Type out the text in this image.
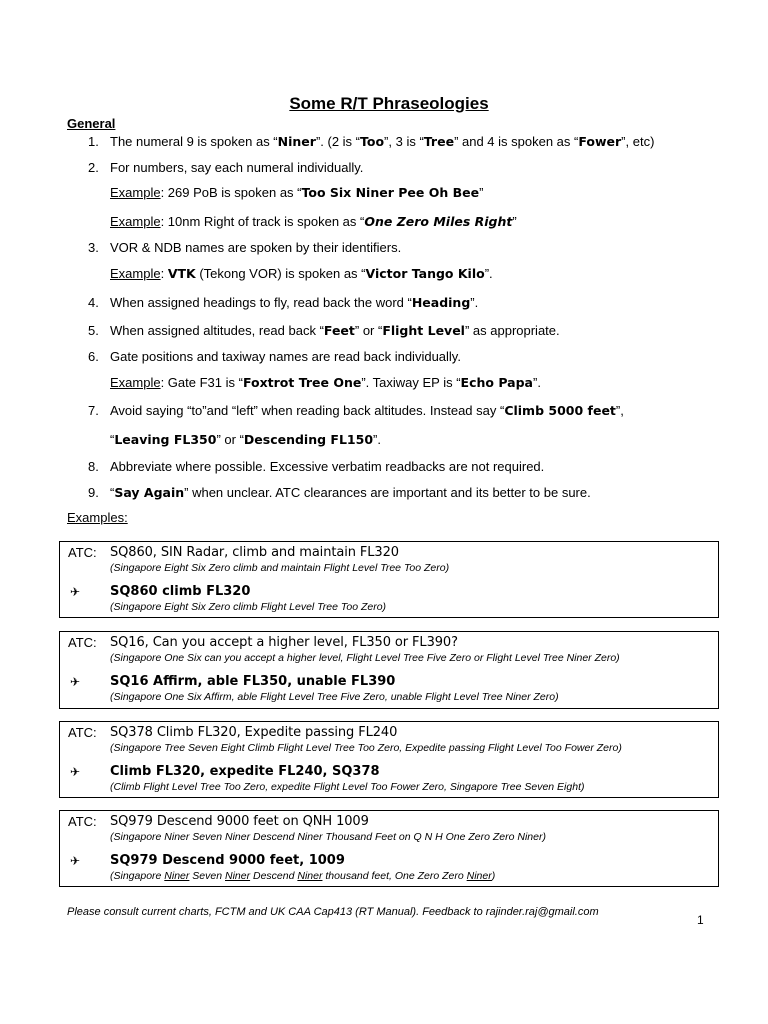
Some R/T Phraseologies
General
1. The numeral 9 is spoken as “Niner”. (2 is “Too”, 3 is “Tree” and 4 is spoken as “Fower”, etc)
2. For numbers, say each numeral individually.
Example: 269 PoB is spoken as “Too Six Niner Pee Oh Bee”
Example: 10nm Right of track is spoken as “One Zero Miles Right”
3. VOR & NDB names are spoken by their identifiers.
Example: VTK (Tekong VOR) is spoken as “Victor Tango Kilo”.
4. When assigned headings to fly, read back the word “Heading”.
5. When assigned altitudes, read back “Feet” or “Flight Level” as appropriate.
6. Gate positions and taxiway names are read back individually.
Example: Gate F31 is “Foxtrot Tree One”. Taxiway EP is “Echo Papa”.
7. Avoid saying “to”and “left” when reading back altitudes. Instead say “Climb 5000 feet”,
“Leaving FL350” or “Descending FL150”.
8. Abbreviate where possible. Excessive verbatim readbacks are not required.
9. “Say Again” when unclear. ATC clearances are important and its better to be sure.
Examples:
ATC: SQ860, SIN Radar, climb and maintain FL320
(Singapore Eight Six Zero climb and maintain Flight Level Tree Too Zero)
✈ SQ860 climb FL320
(Singapore Eight Six Zero climb Flight Level Tree Too Zero)
ATC: SQ16, Can you accept a higher level, FL350 or FL390?
(Singapore One Six can you accept a higher level, Flight Level Tree Five Zero or Flight Level Tree Niner Zero)
✈ SQ16 Affirm, able FL350, unable FL390
(Singapore One Six Affirm, able Flight Level Tree Five Zero, unable Flight Level Tree Niner Zero)
ATC: SQ378 Climb FL320, Expedite passing FL240
(Singapore Tree Seven Eight Climb Flight Level Tree Too Zero, Expedite passing Flight Level Too Fower Zero)
✈ Climb FL320, expedite FL240, SQ378
(Climb Flight Level Tree Too Zero, expedite Flight Level Too Fower Zero, Singapore Tree Seven Eight)
ATC: SQ979 Descend 9000 feet on QNH 1009
(Singapore Niner Seven Niner Descend Niner Thousand Feet on Q N H One Zero Zero Niner)
✈ SQ979 Descend 9000 feet, 1009
(Singapore Niner Seven Niner Descend Niner thousand feet, One Zero Zero Niner)
Please consult current charts, FCTM and UK CAA Cap413 (RT Manual). Feedback to rajinder.raj@gmail.com
1
